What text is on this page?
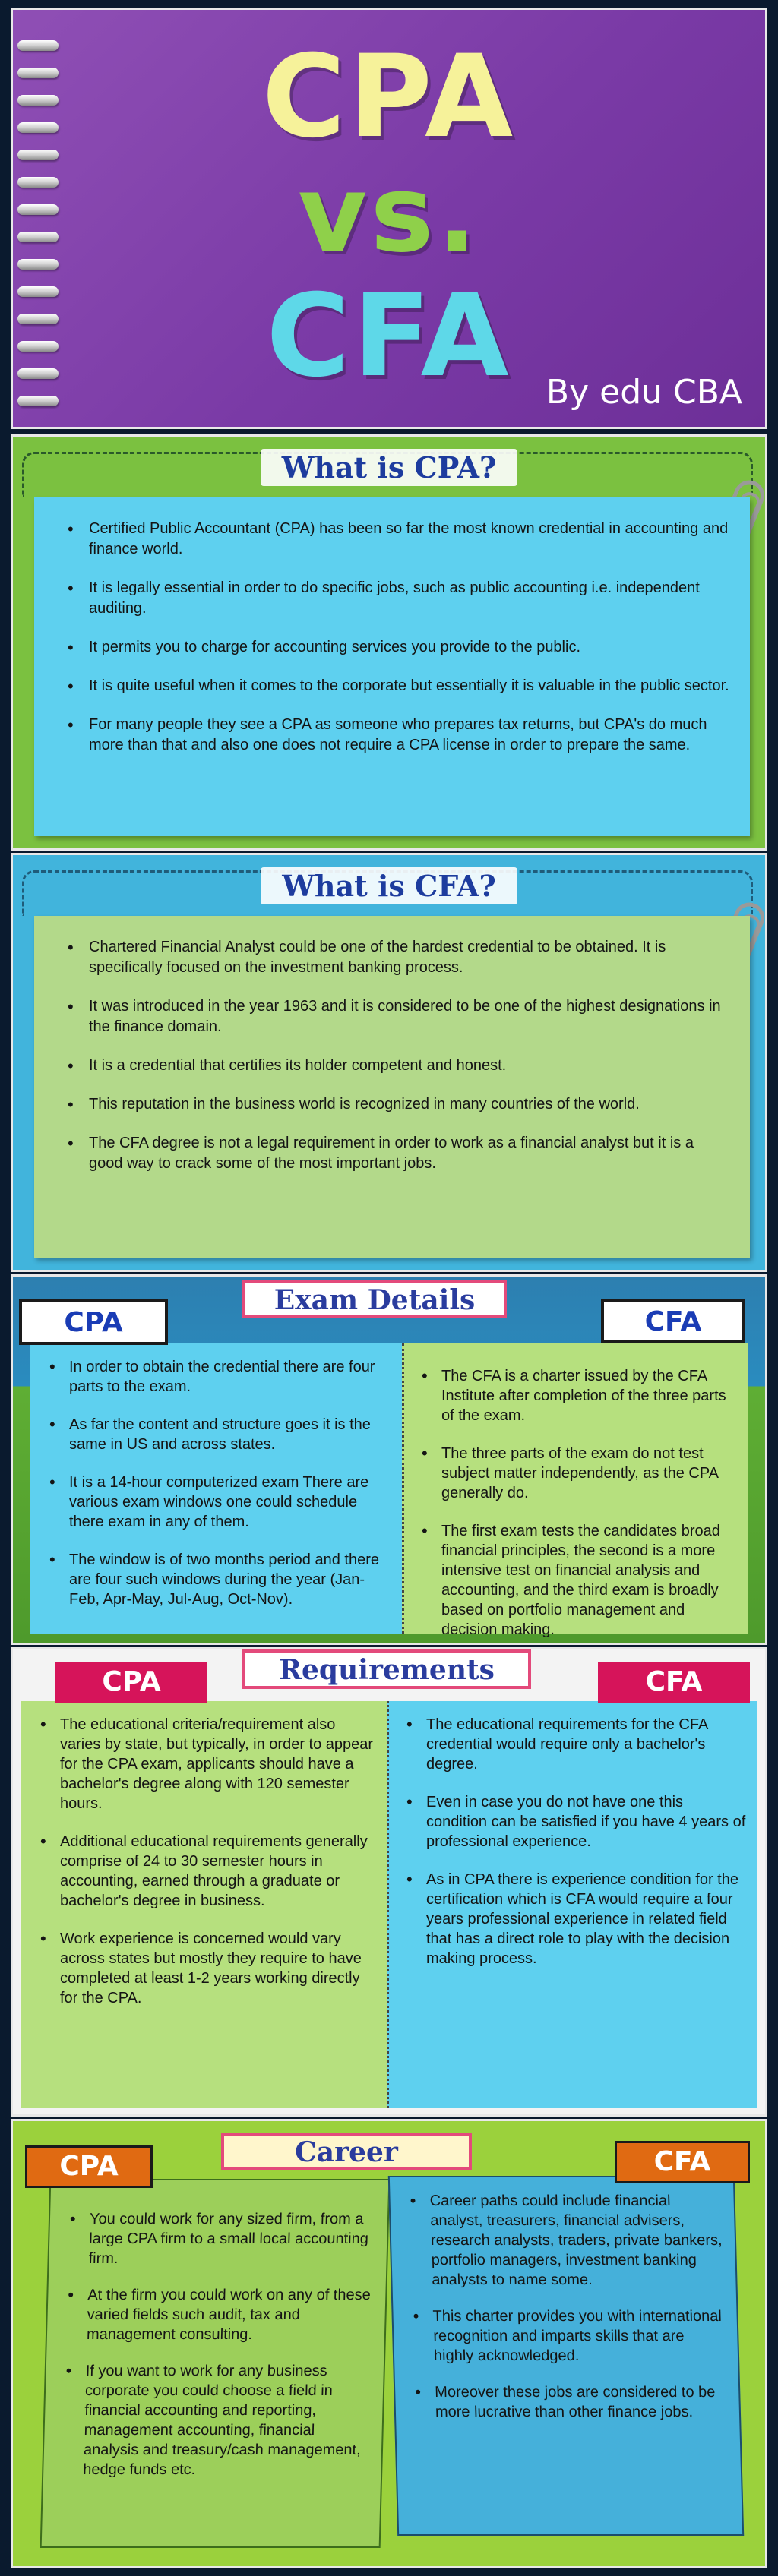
CPA
vs.
CFA	By edu CBA
What is CPA?
• Certified Public Accountant (CPA) has been so far the most known credential in accounting and finance world.
• It is legally essential in order to do specific jobs, such as public accounting i.e. independent auditing.
• It permits you to charge for accounting services you provide to the public.
• It is quite useful when it comes to the corporate but essentially it is valuable in the public sector.
• For many people they see a CPA as someone who prepares tax returns, but CPA's do much more than that and also one does not require a CPA license in order to prepare the same.
What is CFA?
• Chartered Financial Analyst could be one of the hardest credential to be obtained. It is specifically focused on the investment banking process.
• It was introduced in the year 1963 and it is considered to be one of the highest designations in the finance domain.
• It is a credential that certifies its holder competent and honest.
• This reputation in the business world is recognized in many countries of the world.
• The CFA degree is not a legal requirement in order to work as a financial analyst but it is a good way to crack some of the most important jobs.
• In order to obtain the credential there are four parts to the exam.
• As far the content and structure goes it is the same in US and across states.
• It is a 14-hour computerized exam There are various exam windows one could schedule there exam in any of them.
• The window is of two months period and there are four such windows during the year (Jan-Feb, Apr-May, Jul-Aug, Oct-Nov).
• The CFA is a charter issued by the CFA Institute after completion of the three parts of the exam.
• The three parts of the exam do not test subject matter independently, as the CPA generally do.
• The first exam tests the candidates broad financial principles, the second is a more intensive test on financial analysis and accounting, and the third exam is broadly based on portfolio management and decision making.
Exam Details
CPA	CFA
• The educational criteria/requirement also varies by state, but typically, in order to appear for the CPA exam, applicants should have a bachelor's degree along with 120 semester hours.
• Additional educational requirements generally comprise of 24 to 30 semester hours in accounting, earned through a graduate or bachelor's degree in business.
• Work experience is concerned would vary across states but mostly they require to have completed at least 1-2 years working directly for the CPA.
• The educational requirements for the CFA credential would require only a bachelor's degree.
• Even in case you do not have one this condition can be satisfied if you have 4 years of professional experience.
• As in CPA there is experience condition for the certification which is CFA would require a four years professional experience in related field that has a direct role to play with the decision making process.
Requirements
CPA	CFA
• You could work for any sized firm, from a large CPA firm to a small local accounting firm.
• At the firm you could work on any of these varied fields such audit, tax and management consulting.
• If you want to work for any business corporate you could choose a field in financial accounting and reporting, management accounting, financial analysis and treasury/cash management, hedge funds etc.
• Career paths could include financial analyst, treasurers, financial advisers, research analysts, traders, private bankers, portfolio managers, investment banking analysts to name some.
• This charter provides you with international recognition and imparts skills that are highly acknowledged.
• Moreover these jobs are considered to be more lucrative than other finance jobs.
Career
CPA	CFA
